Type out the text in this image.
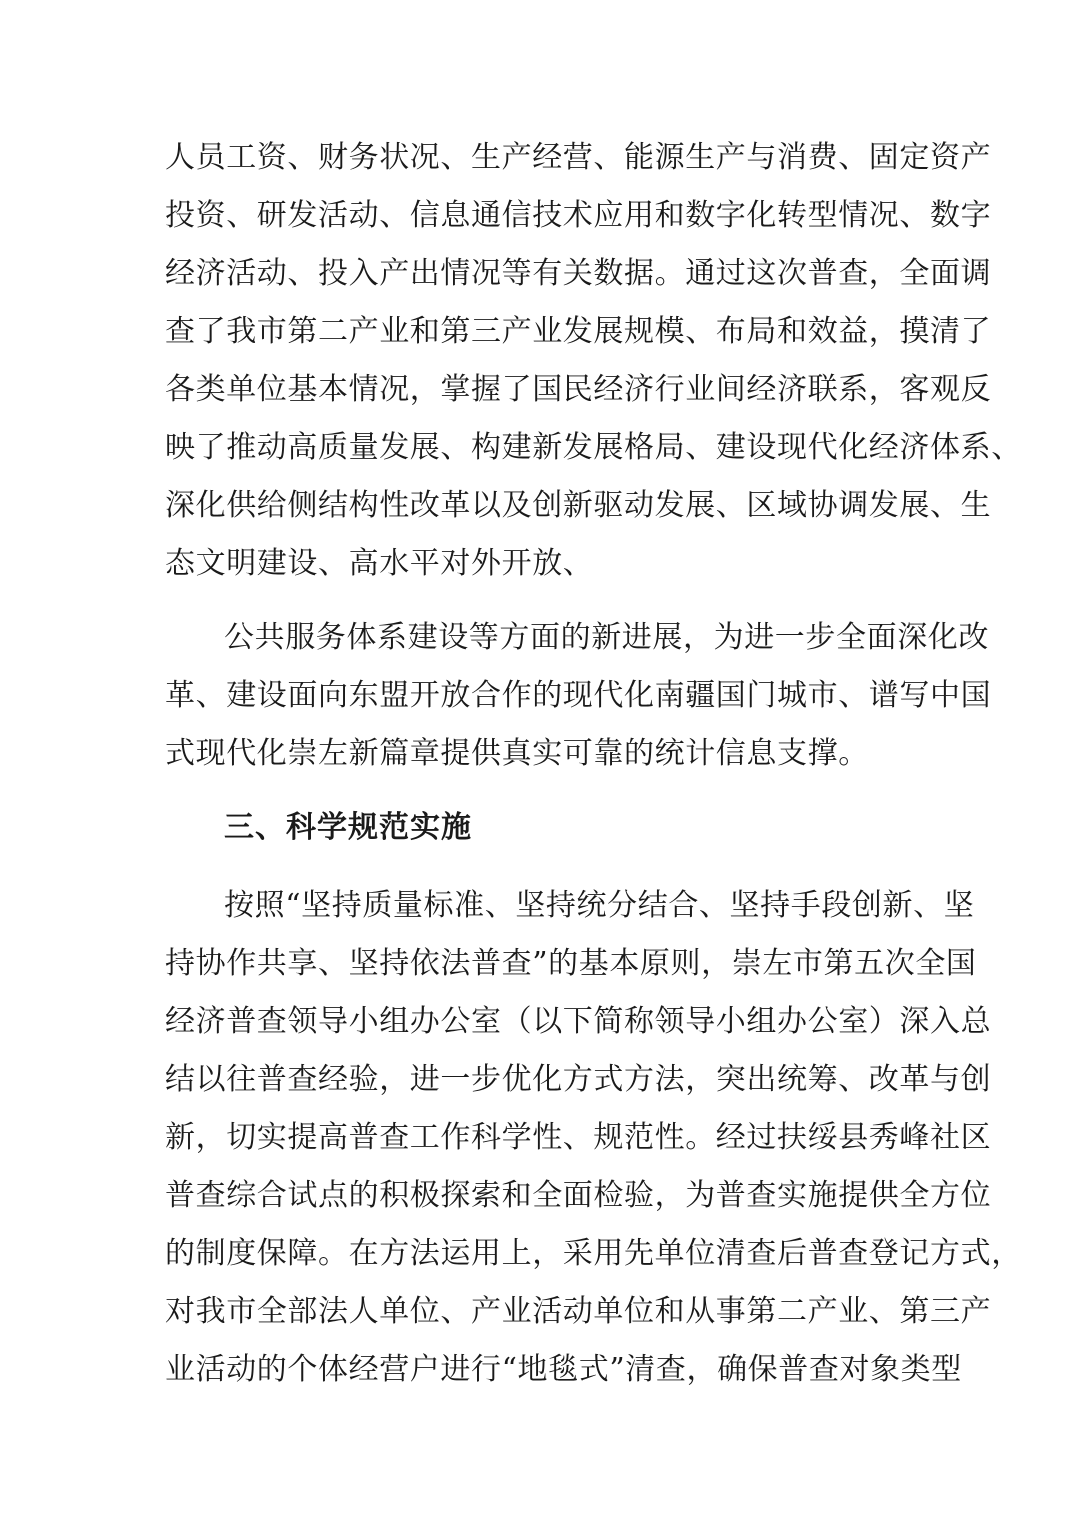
人员工资、财务状况、生产经营、能源生产与消费、固定资产
投资、研发活动、信息通信技术应用和数字化转型情况、数字
经济活动、投入产出情况等有关数据。通过这次普查，全面调
查了我市第二产业和第三产业发展规模、布局和效益，摸清了
各类单位基本情况，掌握了国民经济行业间经济联系，客观反
映了推动高质量发展、构建新发展格局、建设现代化经济体系、
深化供给侧结构性改革以及创新驱动发展、区域协调发展、生
态文明建设、高水平对外开放、
公共服务体系建设等方面的新进展，为进一步全面深化改
革、建设面向东盟开放合作的现代化南疆国门城市、谱写中国
式现代化崇左新篇章提供真实可靠的统计信息支撑。
三、科学规范实施
按照“坚持质量标准、坚持统分结合、坚持手段创新、坚
持协作共享、坚持依法普查”的基本原则，崇左市第五次全国
经济普查领导小组办公室（以下简称领导小组办公室）深入总
结以往普查经验，进一步优化方式方法，突出统筹、改革与创
新，切实提高普查工作科学性、规范性。经过扶绥县秀峰社区
普查综合试点的积极探索和全面检验，为普查实施提供全方位
的制度保障。在方法运用上，采用先单位清查后普查登记方式，
对我市全部法人单位、产业活动单位和从事第二产业、第三产
业活动的个体经营户进行“地毯式”清查，确保普查对象类型
